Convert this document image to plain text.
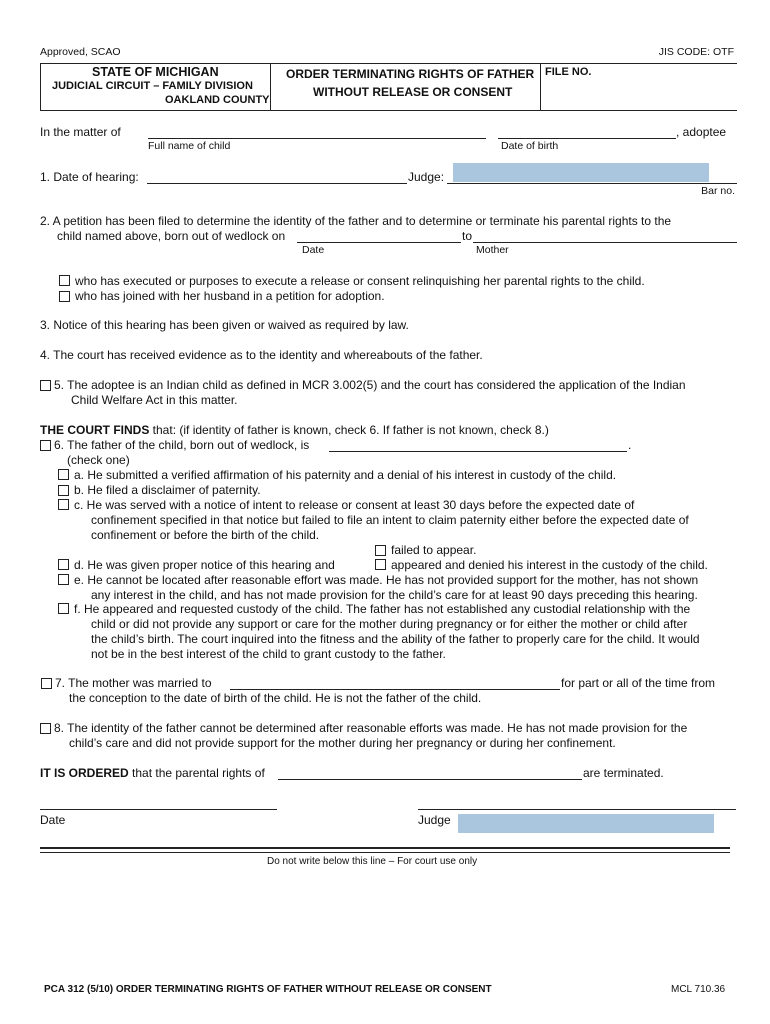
Approved, SCAO	JIS CODE: OTF
STATE OF MICHIGAN
JUDICIAL CIRCUIT – FAMILY DIVISION
OAKLAND COUNTY
ORDER TERMINATING RIGHTS OF FATHER
WITHOUT RELEASE OR CONSENT
FILE NO.
In the matter of	, adoptee
Full name of child	Date of birth
1. Date of hearing:	Judge:
Bar no.
2. A petition has been filed to determine the identity of the father and to determine or terminate his parental rights to the
child named above, born out of wedlock on	to
Date	Mother
who has executed or purposes to execute a release or consent relinquishing her parental rights to the child.
who has joined with her husband in a petition for adoption.
3. Notice of this hearing has been given or waived as required by law.
4. The court has received evidence as to the identity and whereabouts of the father.
5. The adoptee is an Indian child as defined in MCR 3.002(5) and the court has considered the application of the Indian
Child Welfare Act in this matter.
THE COURT FINDS that: (if identity of father is known, check 6. If father is not known, check 8.)
6. The father of the child, born out of wedlock, is	.
(check one)
a. He submitted a verified affirmation of his paternity and a denial of his interest in custody of the child.
b. He filed a disclaimer of paternity.
c. He was served with a notice of intent to release or consent at least 30 days before the expected date of
confinement specified in that notice but failed to file an intent to claim paternity either before the expected date of
confinement or before the birth of the child.
failed to appear.
d. He was given proper notice of this hearing and	appeared and denied his interest in the custody of the child.
e. He cannot be located after reasonable effort was made. He has not provided support for the mother, has not shown
any interest in the child, and has not made provision for the child’s care for at least 90 days preceding this hearing.
f. He appeared and requested custody of the child. The father has not established any custodial relationship with the
child or did not provide any support or care for the mother during pregnancy or for either the mother or child after
the child’s birth. The court inquired into the fitness and the ability of the father to properly care for the child. It would
not be in the best interest of the child to grant custody to the father.
7. The mother was married to	for part or all of the time from
the conception to the date of birth of the child. He is not the father of the child.
8. The identity of the father cannot be determined after reasonable efforts was made. He has not made provision for the
child’s care and did not provide support for the mother during her pregnancy or during her confinement.
IT IS ORDERED that the parental rights of	are terminated.
Date	Judge
Do not write below this line – For court use only
PCA 312 (5/10) ORDER TERMINATING RIGHTS OF FATHER WITHOUT RELEASE OR CONSENT	MCL 710.36
